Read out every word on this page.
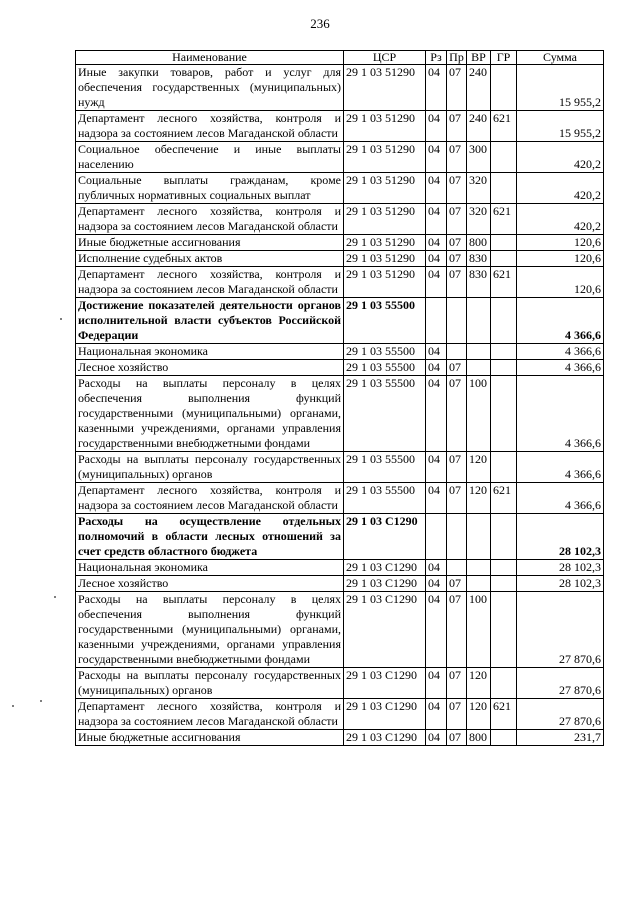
236
Наименование	ЦСР	Рз	Пр	ВР	ГР	Сумма
Иные закупки товаров, работ и услуг для обеспечения государственных (муниципальных) нужд	29 1 03 51290	04	07	240		15 955,2
Департамент лесного хозяйства, контроля и надзора за состоянием лесов Магаданской области	29 1 03 51290	04	07	240	621	15 955,2
Социальное обеспечение и иные выплаты населению	29 1 03 51290	04	07	300		420,2
Социальные выплаты гражданам, кроме публичных нормативных социальных выплат	29 1 03 51290	04	07	320		420,2
Департамент лесного хозяйства, контроля и надзора за состоянием лесов Магаданской области	29 1 03 51290	04	07	320	621	420,2
Иные бюджетные ассигнования	29 1 03 51290	04	07	800		120,6
Исполнение судебных актов	29 1 03 51290	04	07	830		120,6
Департамент лесного хозяйства, контроля и надзора за состоянием лесов Магаданской области	29 1 03 51290	04	07	830	621	120,6
Достижение показателей деятельности органов исполнительной власти субъектов Российской Федерации	29 1 03 55500					4 366,6
Национальная экономика	29 1 03 55500	04				4 366,6
Лесное хозяйство	29 1 03 55500	04	07			4 366,6
Расходы на выплаты персоналу в целях обеспечения выполнения функций государственными (муниципальными) органами, казенными учреждениями, органами управления государственными внебюджетными фондами	29 1 03 55500	04	07	100		4 366,6
Расходы на выплаты персоналу государственных (муниципальных) органов	29 1 03 55500	04	07	120		4 366,6
Департамент лесного хозяйства, контроля и надзора за состоянием лесов Магаданской области	29 1 03 55500	04	07	120	621	4 366,6
Расходы на осуществление отдельных полномочий в области лесных отношений за счет средств областного бюджета	29 1 03 С1290					28 102,3
Национальная экономика	29 1 03 С1290	04				28 102,3
Лесное хозяйство	29 1 03 С1290	04	07			28 102,3
Расходы на выплаты персоналу в целях обеспечения выполнения функций государственными (муниципальными) органами, казенными учреждениями, органами управления государственными внебюджетными фондами	29 1 03 С1290	04	07	100		27 870,6
Расходы на выплаты персоналу государственных (муниципальных) органов	29 1 03 С1290	04	07	120		27 870,6
Департамент лесного хозяйства, контроля и надзора за состоянием лесов Магаданской области	29 1 03 С1290	04	07	120	621	27 870,6
Иные бюджетные ассигнования	29 1 03 С1290	04	07	800		231,7
